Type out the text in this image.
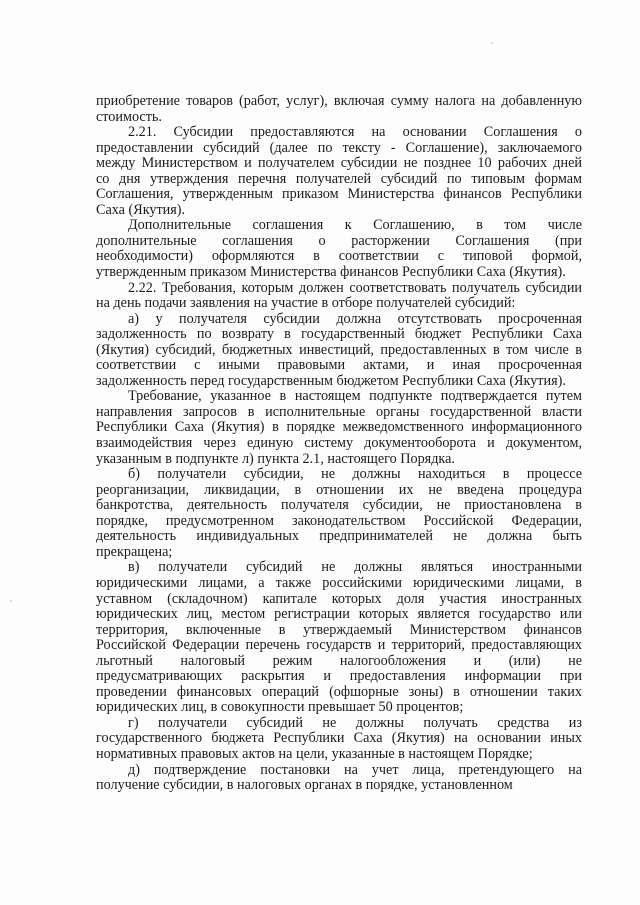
приобретение товаров (работ, услуг), включая сумму налога на добавленную
стоимость.
2.21. Субсидии предоставляются на основании Соглашения о
предоставлении субсидий (далее по тексту - Соглашение), заключаемого
между Министерством и получателем субсидии не позднее 10 рабочих дней
со дня утверждения перечня получателей субсидий по типовым формам
Соглашения, утвержденным приказом Министерства финансов Республики
Саха (Якутия).
Дополнительные соглашения к Соглашению, в том числе
дополнительные соглашения о расторжении Соглашения (при
необходимости) оформляются в соответствии с типовой формой,
утвержденным приказом Министерства финансов Республики Саха (Якутия).
2.22. Требования, которым должен соответствовать получатель субсидии
на день подачи заявления на участие в отборе получателей субсидий:
а) у получателя субсидии должна отсутствовать просроченная
задолженность по возврату в государственный бюджет Республики Саха
(Якутия) субсидий, бюджетных инвестиций, предоставленных в том числе в
соответствии с иными правовыми актами, и иная просроченная
задолженность перед государственным бюджетом Республики Саха (Якутия).
Требование, указанное в настоящем подпункте подтверждается путем
направления запросов в исполнительные органы государственной власти
Республики Саха (Якутия) в порядке межведомственного информационного
взаимодействия через единую систему документооборота и документом,
указанным в подпункте л) пункта 2.1, настоящего Порядка.
б) получатели субсидии, не должны находиться в процессе
реорганизации, ликвидации, в отношении их не введена процедура
банкротства, деятельность получателя субсидии, не приостановлена в
порядке, предусмотренном законодательством Российской Федерации,
деятельность индивидуальных предпринимателей не должна быть
прекращена;
в) получатели субсидий не должны являться иностранными
юридическими лицами, а также российскими юридическими лицами, в
уставном (складочном) капитале которых доля участия иностранных
юридических лиц, местом регистрации которых является государство или
территория, включенные в утверждаемый Министерством финансов
Российской Федерации перечень государств и территорий, предоставляющих
льготный налоговый режим налогообложения и (или) не
предусматривающих раскрытия и предоставления информации при
проведении финансовых операций (офшорные зоны) в отношении таких
юридических лиц, в совокупности превышает 50 процентов;
г) получатели субсидий не должны получать средства из
государственного бюджета Республики Саха (Якутия) на основании иных
нормативных правовых актов на цели, указанные в настоящем Порядке;
д) подтверждение постановки на учет лица, претендующего на
получение субсидии, в налоговых органах в порядке, установленном
